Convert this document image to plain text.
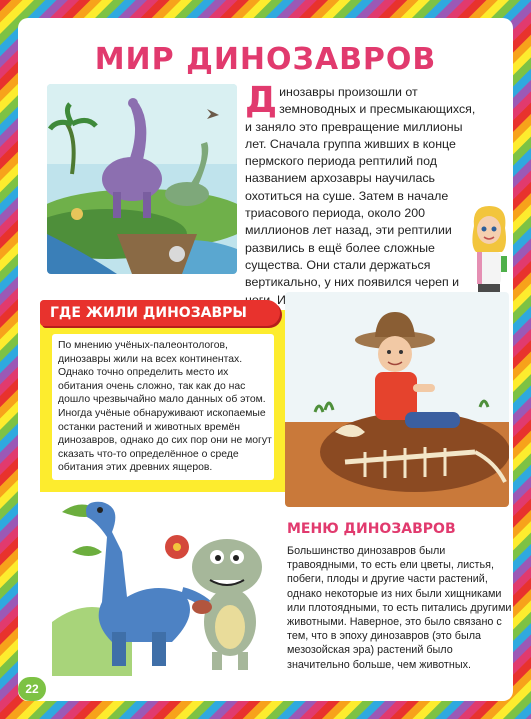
МИР ДИНОЗАВРОВ
Динозавры произошли от земноводных и пресмыкающихся, и заняло это превращение миллионы лет. Сначала группа живших в конце пермского периода рептилий под названием архозавры научилась охотиться на суше. Затем в начале триасового периода, около 200 миллионов лет назад, эти рептилии развились в ещё более сложные существа. Они стали держаться вертикально, у них появился череп и И
ГДЕ ЖИЛИ ДИНОЗАВРЫ
По мнению учёных-палеонтологов, динозавры жили на всех континентах. Однако точно определить место их обитания очень сложно, так как до нас дошло чрезвычайно мало данных об этом. Иногда учёные обнаруживают ископаемые останки растений и животных времён динозавров, однако до сих пор они не могут сказать что-то определённое о среде обитания этих древних ящеров.
МЕНЮ ДИНОЗАВРОВ
Большинство динозавров были травоядными, то есть ели цветы, листья, побеги, плоды и другие части растений, однако некоторые из них были хищниками или плотоядными, то есть питались другими животными. Наверное, это было связано с тем, что в эпоху динозавров (это была мезозойская эра) растений было значительно больше, чем животных.
22
